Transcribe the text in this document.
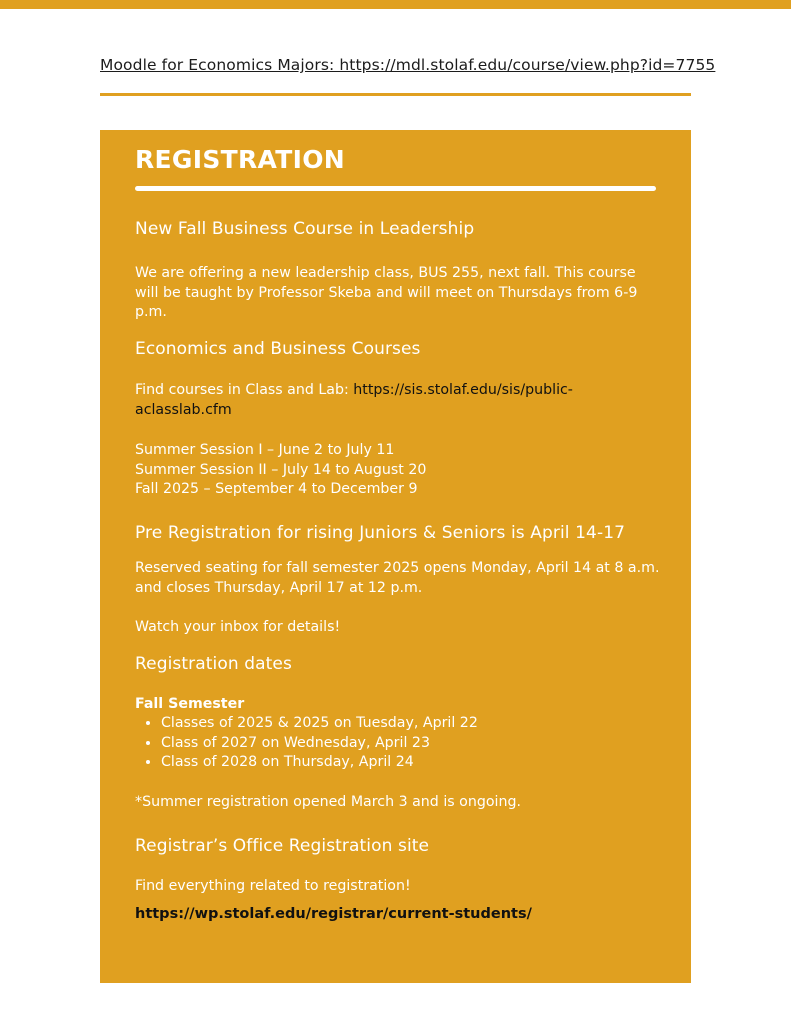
Moodle for Economics Majors: https://mdl.stolaf.edu/course/view.php?id=7755
REGISTRATION
New Fall Business Course in Leadership
We are offering a new leadership class, BUS 255, next fall. This course will be taught by Professor Skeba and will meet on Thursdays from 6-9 p.m.
Economics and Business Courses
Find courses in Class and Lab: https://sis.stolaf.edu/sis/public-aclasslab.cfm
Summer Session I – June 2 to July 11
Summer Session II – July 14 to August 20
Fall 2025 – September 4 to December 9
Pre Registration for rising Juniors & Seniors is April 14-17
Reserved seating for fall semester 2025 opens Monday, April 14 at 8 a.m. and closes Thursday, April 17 at 12 p.m.
Watch your inbox for details!
Registration dates
Fall Semester
• Classes of 2025 & 2025 on Tuesday, April 22
• Class of 2027 on Wednesday, April 23
• Class of 2028 on Thursday, April 24
*Summer registration opened March 3 and is ongoing.
Registrar’s Office Registration site
Find everything related to registration!
https://wp.stolaf.edu/registrar/current-students/
